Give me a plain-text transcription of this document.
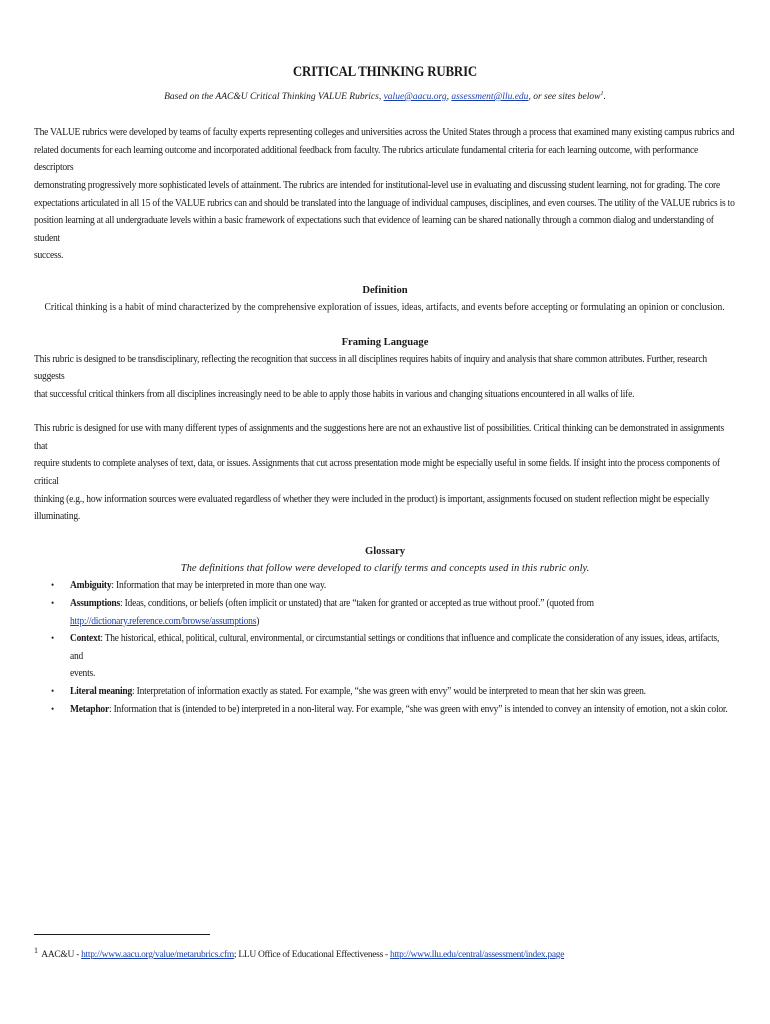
CRITICAL THINKING RUBRIC
Based on the AAC&U Critical Thinking VALUE Rubrics, value@aacu.org, assessment@llu.edu, or see sites below$^1$.
The VALUE rubrics were developed by teams of faculty experts representing colleges and universities across the United States through a process that examined many existing campus rubrics and
related documents for each learning outcome and incorporated additional feedback from faculty. The rubrics articulate fundamental criteria for each learning outcome, with performance descriptors
demonstrating progressively more sophisticated levels of attainment. The rubrics are intended for institutional-level use in evaluating and discussing student learning, not for grading. The core
expectations articulated in all 15 of the VALUE rubrics can and should be translated into the language of individual campuses, disciplines, and even courses. The utility of the VALUE rubrics is to
position learning at all undergraduate levels within a basic framework of expectations such that evidence of learning can be shared nationally through a common dialog and understanding of student
success.
Definition
Critical thinking is a habit of mind characterized by the comprehensive exploration of issues, ideas, artifacts, and events before accepting or formulating an opinion or conclusion.
Framing Language
This rubric is designed to be transdisciplinary, reflecting the recognition that success in all disciplines requires habits of inquiry and analysis that share common attributes. Further, research suggests
that successful critical thinkers from all disciplines increasingly need to be able to apply those habits in various and changing situations encountered in all walks of life.
This rubric is designed for use with many different types of assignments and the suggestions here are not an exhaustive list of possibilities. Critical thinking can be demonstrated in assignments that
require students to complete analyses of text, data, or issues. Assignments that cut across presentation mode might be especially useful in some fields. If insight into the process components of critical
thinking (e.g., how information sources were evaluated regardless of whether they were included in the product) is important, assignments focused on student reflection might be especially
illuminating.
Glossary
The definitions that follow were developed to clarify terms and concepts used in this rubric only.
• Ambiguity: Information that may be interpreted in more than one way.
• Assumptions: Ideas, conditions, or beliefs (often implicit or unstated) that are “taken for granted or accepted as true without proof.” (quoted from
http://dictionary.reference.com/browse/assumptions)
• Context: The historical, ethical, political, cultural, environmental, or circumstantial settings or conditions that influence and complicate the consideration of any issues, ideas, artifacts, and
events.
• Literal meaning: Interpretation of information exactly as stated. For example, “she was green with envy” would be interpreted to mean that her skin was green.
• Metaphor: Information that is (intended to be) interpreted in a non-literal way. For example, “she was green with envy” is intended to convey an intensity of emotion, not a skin color.
$^1$ AAC&U - http://www.aacu.org/value/metarubrics.cfm; LLU Office of Educational Effectiveness - http://www.llu.edu/central/assessment/index.page
